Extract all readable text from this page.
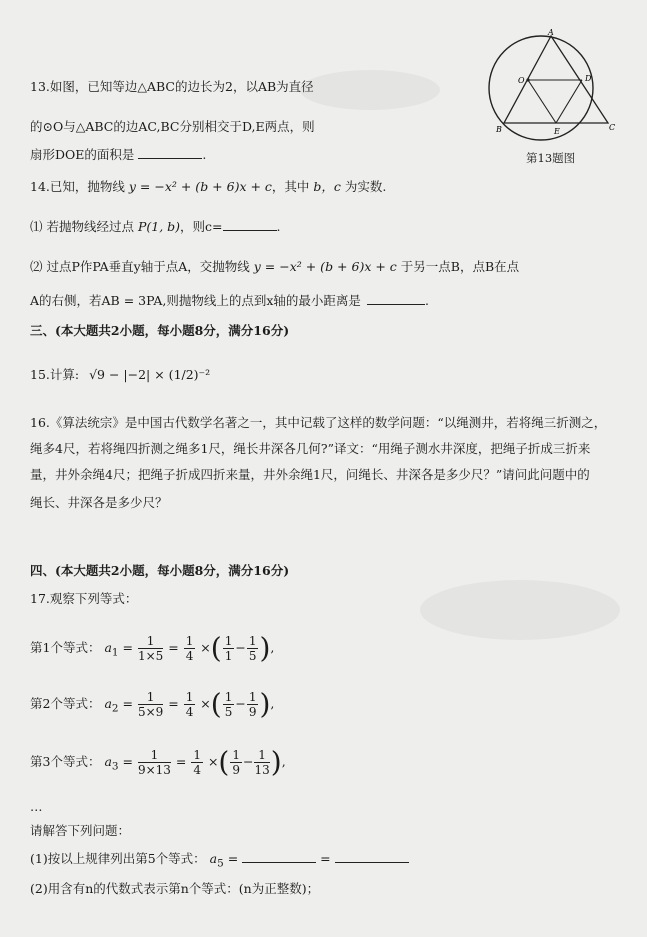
13.如图，已知等边△ABC的边长为2，以AB为直径
的⊙O与△ABC的边AC,BC分别相交于D,E两点，则
扇形DOE的面积是	.
A
B	C
D
E
O
第13题图
14.已知，抛物线 y = −x² + (b + 6)x + c，其中 b，c 为实数.
⑴ 若抛物线经过点 P(1, b)，则c=	.
⑵ 过点P作PA垂直y轴于点A，交抛物线 y = −x² + (b + 6)x + c 于另一点B，点B在点
A的右侧，若AB = 3PA,则抛物线上的点到x轴的最小距离是	.
三、(本大题共2小题，每小题8分，满分16分)
15.计算: √9 − |−2| × (1/2)⁻²
16.《算法统宗》是中国古代数学名著之一，其中记载了这样的数学问题：“以绳测井，若将绳三折测之，
绳多4尺，若将绳四折测之绳多1尺，绳长井深各几何?”译文：“用绳子测水井深度，把绳子折成三折来
量，井外余绳4尺；把绳子折成四折来量，井外余绳1尺，问绳长、井深各是多少尺？”请问此问题中的
绳长、井深各是多少尺？
四、(本大题共2小题，每小题8分，满分16分)
17.观察下列等式：
第1个等式： $a_1 = \frac{1}{1\times 5} = \frac{1}{4}$ ×( $\frac{1}{1} - \frac{1}{5}$ ),
第2个等式： $a_2 = \frac{1}{5\times 9} = \frac{1}{4}$ ×( $\frac{1}{5} - \frac{1}{9}$ ),
第3个等式： $a_3 = \frac{1}{9\times 13} = \frac{1}{4}$ ×( $\frac{1}{9} - \frac{1}{13}$ ),
…
请解答下列问题：
(1)按以上规律列出第5个等式： $a_5$ =	=
(2)用含有n的代数式表示第n个等式：(n为正整数)；
